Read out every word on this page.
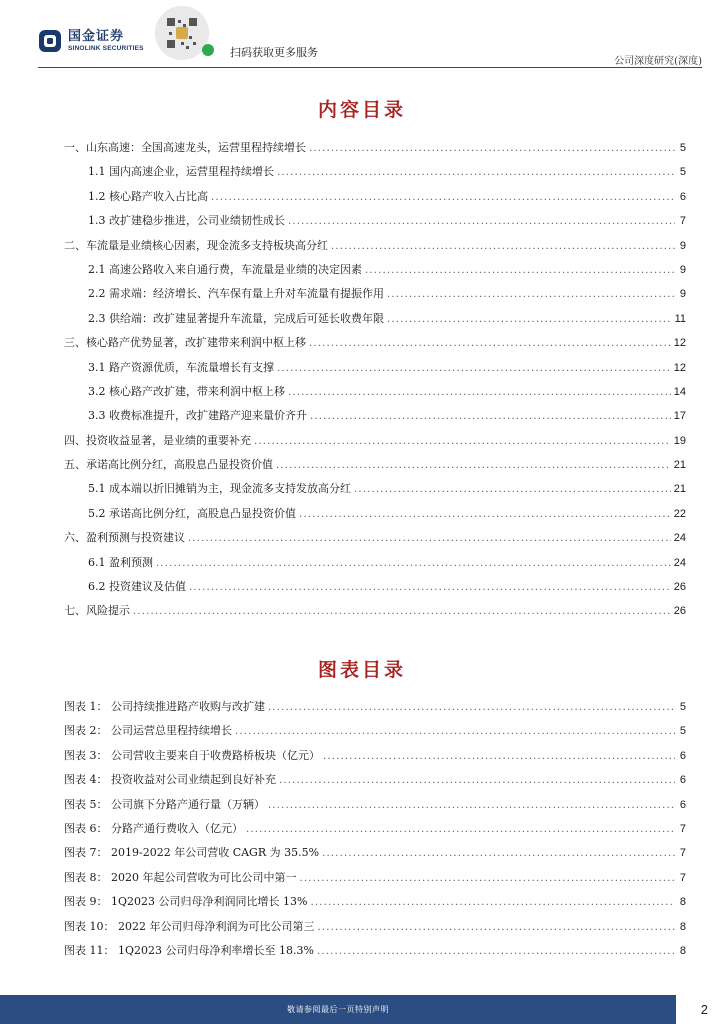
国金证券
SINOLINK SECURITIES	扫码获取更多服务
公司深度研究(深度)
内容目录
一、山东高速：全国高速龙头，运营里程持续增长 .....	5
1.1 国内高速企业，运营里程持续增长 .....	5
1.2 核心路产收入占比高 .....	6
1.3 改扩建稳步推进，公司业绩韧性成长 .....	7
二、车流量是业绩核心因素，现金流多支持板块高分红 .....	9
2.1 高速公路收入来自通行费，车流量是业绩的决定因素 .....	9
2.2 需求端：经济增长、汽车保有量上升对车流量有提振作用 .....	9
2.3 供给端：改扩建显著提升车流量，完成后可延长收费年限 .....	11
三、核心路产优势显著，改扩建带来利润中枢上移 .....	12
3.1 路产资源优质，车流量增长有支撑 .....	12
3.2 核心路产改扩建，带来利润中枢上移 .....	14
3.3 收费标准提升，改扩建路产迎来量价齐升 .....	17
四、投资收益显著，是业绩的重要补充 .....	19
五、承诺高比例分红，高股息凸显投资价值 .....	21
5.1 成本端以折旧摊销为主，现金流多支持发放高分红 .....	21
5.2 承诺高比例分红，高股息凸显投资价值 .....	22
六、盈利预测与投资建议 .....	24
6.1 盈利预测 .....	24
6.2 投资建议及估值 .....	26
七、风险提示 .....	26
图表目录
图表 1： 公司持续推进路产收购与改扩建 .....	5
图表 2： 公司运营总里程持续增长 .....	5
图表 3： 公司营收主要来自于收费路桥板块（亿元） .....	6
图表 4： 投资收益对公司业绩起到良好补充 .....	6
图表 5： 公司旗下分路产通行量（万辆） .....	6
图表 6： 分路产通行费收入（亿元） .....	7
图表 7： 2019-2022 年公司营收 CAGR 为 35.5% .....	7
图表 8： 2020 年起公司营收为可比公司中第一 .....	7
图表 9： 1Q2023 公司归母净利润同比增长 13% .....	8
图表 10： 2022 年公司归母净利润为可比公司第三 .....	8
图表 11： 1Q2023 公司归母净利率增长至 18.3% .....	8
敬请参阅最后一页特别声明	2
